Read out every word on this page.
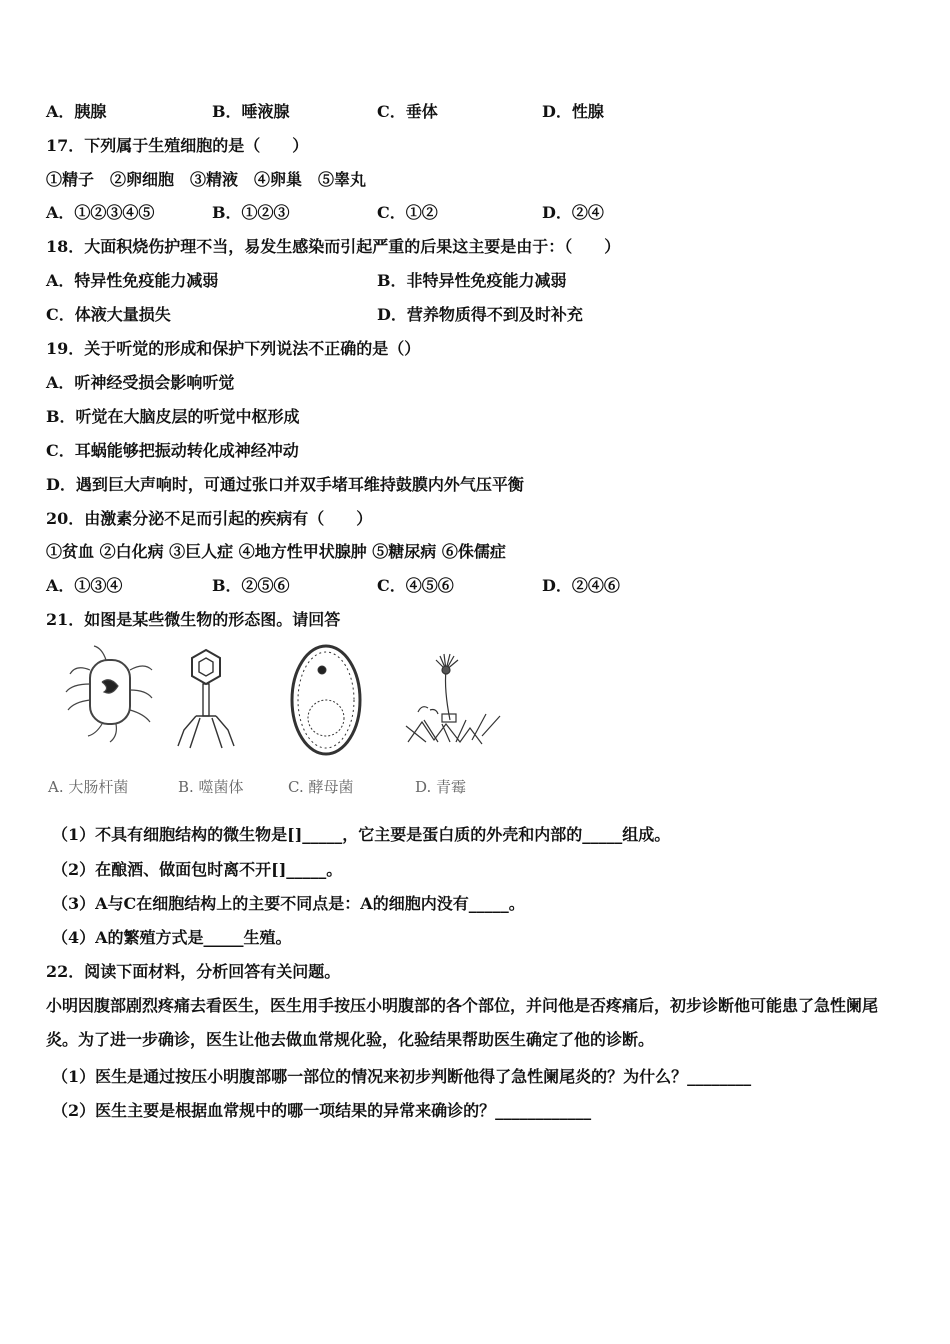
A．胰腺	B．唾液腺	C．垂体	D．性腺
17．下列属于生殖细胞的是（　　）
①精子　②卵细胞　③精液　④卵巢　⑤睾丸
A．①②③④⑤	B．①②③	C．①②	D．②④
18．大面积烧伤护理不当，易发生感染而引起严重的后果这主要是由于：（　　）
A．特异性免疫能力减弱	B．非特异性免疫能力减弱
C．体液大量损失	D．营养物质得不到及时补充
19．关于听觉的形成和保护下列说法不正确的是（）
A．听神经受损会影响听觉
B．听觉在大脑皮层的听觉中枢形成
C．耳蜗能够把振动转化成神经冲动
D．遇到巨大声响时，可通过张口并双手堵耳维持鼓膜内外气压平衡
20．由激素分泌不足而引起的疾病有（　　）
①贫血 ②白化病 ③巨人症 ④地方性甲状腺肿 ⑤糖尿病 ⑥侏儒症
A．①③④	B．②⑤⑥	C．④⑤⑥	D．②④⑥
21．如图是某些微生物的形态图。请回答
A. 大肠杆菌	B. 噬菌体	C. 酵母菌	D. 青霉
（1）不具有细胞结构的微生物是[]_____，它主要是蛋白质的外壳和内部的_____组成。
（2）在酿酒、做面包时离不开[]_____。
（3）A与C在细胞结构上的主要不同点是：A的细胞内没有_____。
（4）A的繁殖方式是_____生殖。
22．阅读下面材料，分析回答有关问题。
小明因腹部剧烈疼痛去看医生，医生用手按压小明腹部的各个部位，并问他是否疼痛后，初步诊断他可能患了急性阑尾炎。为了进一步确诊，医生让他去做血常规化验，化验结果帮助医生确定了他的诊断。
（1）医生是通过按压小明腹部哪一部位的情况来初步判断他得了急性阑尾炎的？为什么？________
（2）医生主要是根据血常规中的哪一项结果的异常来确诊的？____________
